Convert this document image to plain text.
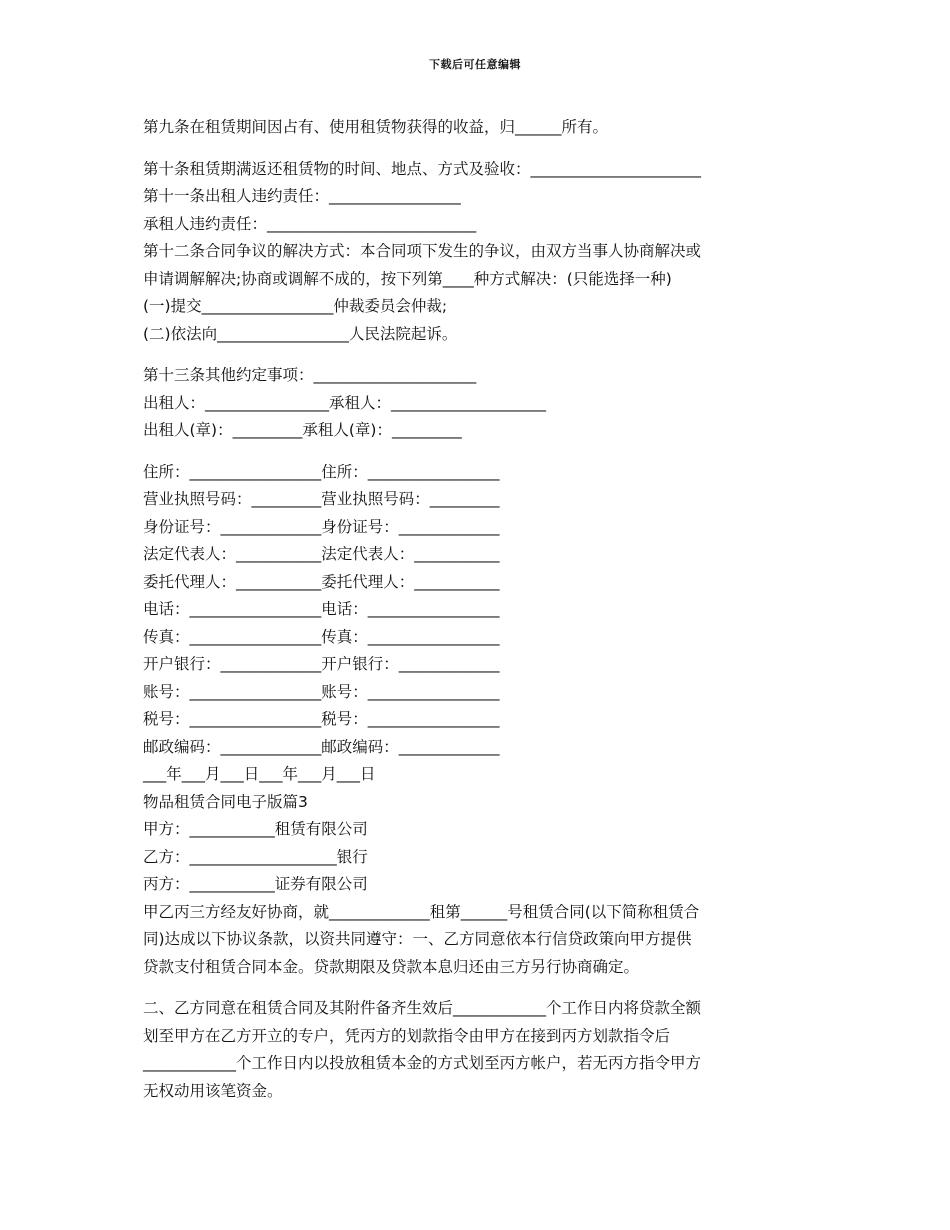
下载后可任意编辑
第九条在租赁期间因占有、使用租赁物获得的收益，归______所有。
第十条租赁期满返还租赁物的时间、地点、方式及验收：______________________
第十一条出租人违约责任：_________________
承租人违约责任：___________________________
第十二条合同争议的解决方式：本合同项下发生的争议，由双方当事人协商解决或
申请调解解决;协商或调解不成的，按下列第____种方式解决：(只能选择一种)
(一)提交_________________仲裁委员会仲裁;
(二)依法向_________________人民法院起诉。
第十三条其他约定事项：_____________________
出租人：________________承租人：____________________
出租人(章)：_________承租人(章)：_________
住所：_________________住所：_________________
营业执照号码：_________营业执照号码：_________
身份证号：_____________身份证号：_____________
法定代表人：___________法定代表人：___________
委托代理人：___________委托代理人：___________
电话：_________________电话：_________________
传真：_________________传真：_________________
开户银行：_____________开户银行：_____________
账号：_________________账号：_________________
税号：_________________税号：_________________
邮政编码：_____________邮政编码：_____________
___年___月___日___年___月___日
物品租赁合同电子版篇3
甲方：___________租赁有限公司
乙方：___________________银行
丙方：___________证券有限公司
甲乙丙三方经友好协商，就_____________租第______号租赁合同(以下简称租赁合
同)达成以下协议条款，以资共同遵守：一、乙方同意依本行信贷政策向甲方提供
贷款支付租赁合同本金。贷款期限及贷款本息归还由三方另行协商确定。
二、乙方同意在租赁合同及其附件备齐生效后____________个工作日内将贷款全额
划至甲方在乙方开立的专户，凭丙方的划款指令由甲方在接到丙方划款指令后
____________个工作日内以投放租赁本金的方式划至丙方帐户，若无丙方指令甲方
无权动用该笔资金。
